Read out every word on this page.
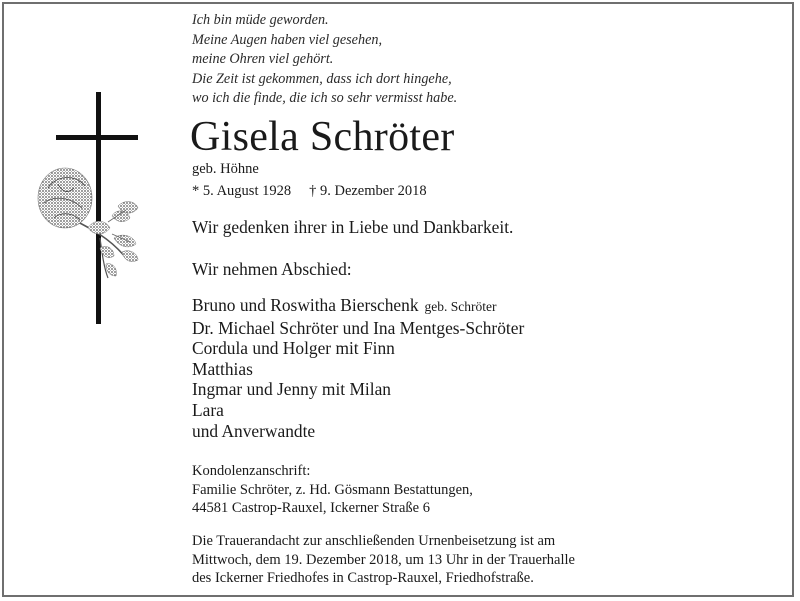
Ich bin müde geworden.
Meine Augen haben viel gesehen,
meine Ohren viel gehört.
Die Zeit ist gekommen, dass ich dort hingehe,
wo ich die finde, die ich so sehr vermisst habe.
Gisela Schröter
geb. Höhne
* 5. August 1928 † 9. Dezember 2018
Wir gedenken ihrer in Liebe und Dankbarkeit.
Wir nehmen Abschied:
Bruno und Roswitha Bierschenk geb. Schröter
Dr. Michael Schröter und Ina Mentges-Schröter
Cordula und Holger mit Finn
Matthias
Ingmar und Jenny mit Milan
Lara
und Anverwandte
Kondolenzanschrift:
Familie Schröter, z. Hd. Gösmann Bestattungen,
44581 Castrop-Rauxel, Ickerner Straße 6
Die Trauerandacht zur anschließenden Urnenbeisetzung ist am
Mittwoch, dem 19. Dezember 2018, um 13 Uhr in der Trauerhalle
des Ickerner Friedhofes in Castrop-Rauxel, Friedhofstraße.
